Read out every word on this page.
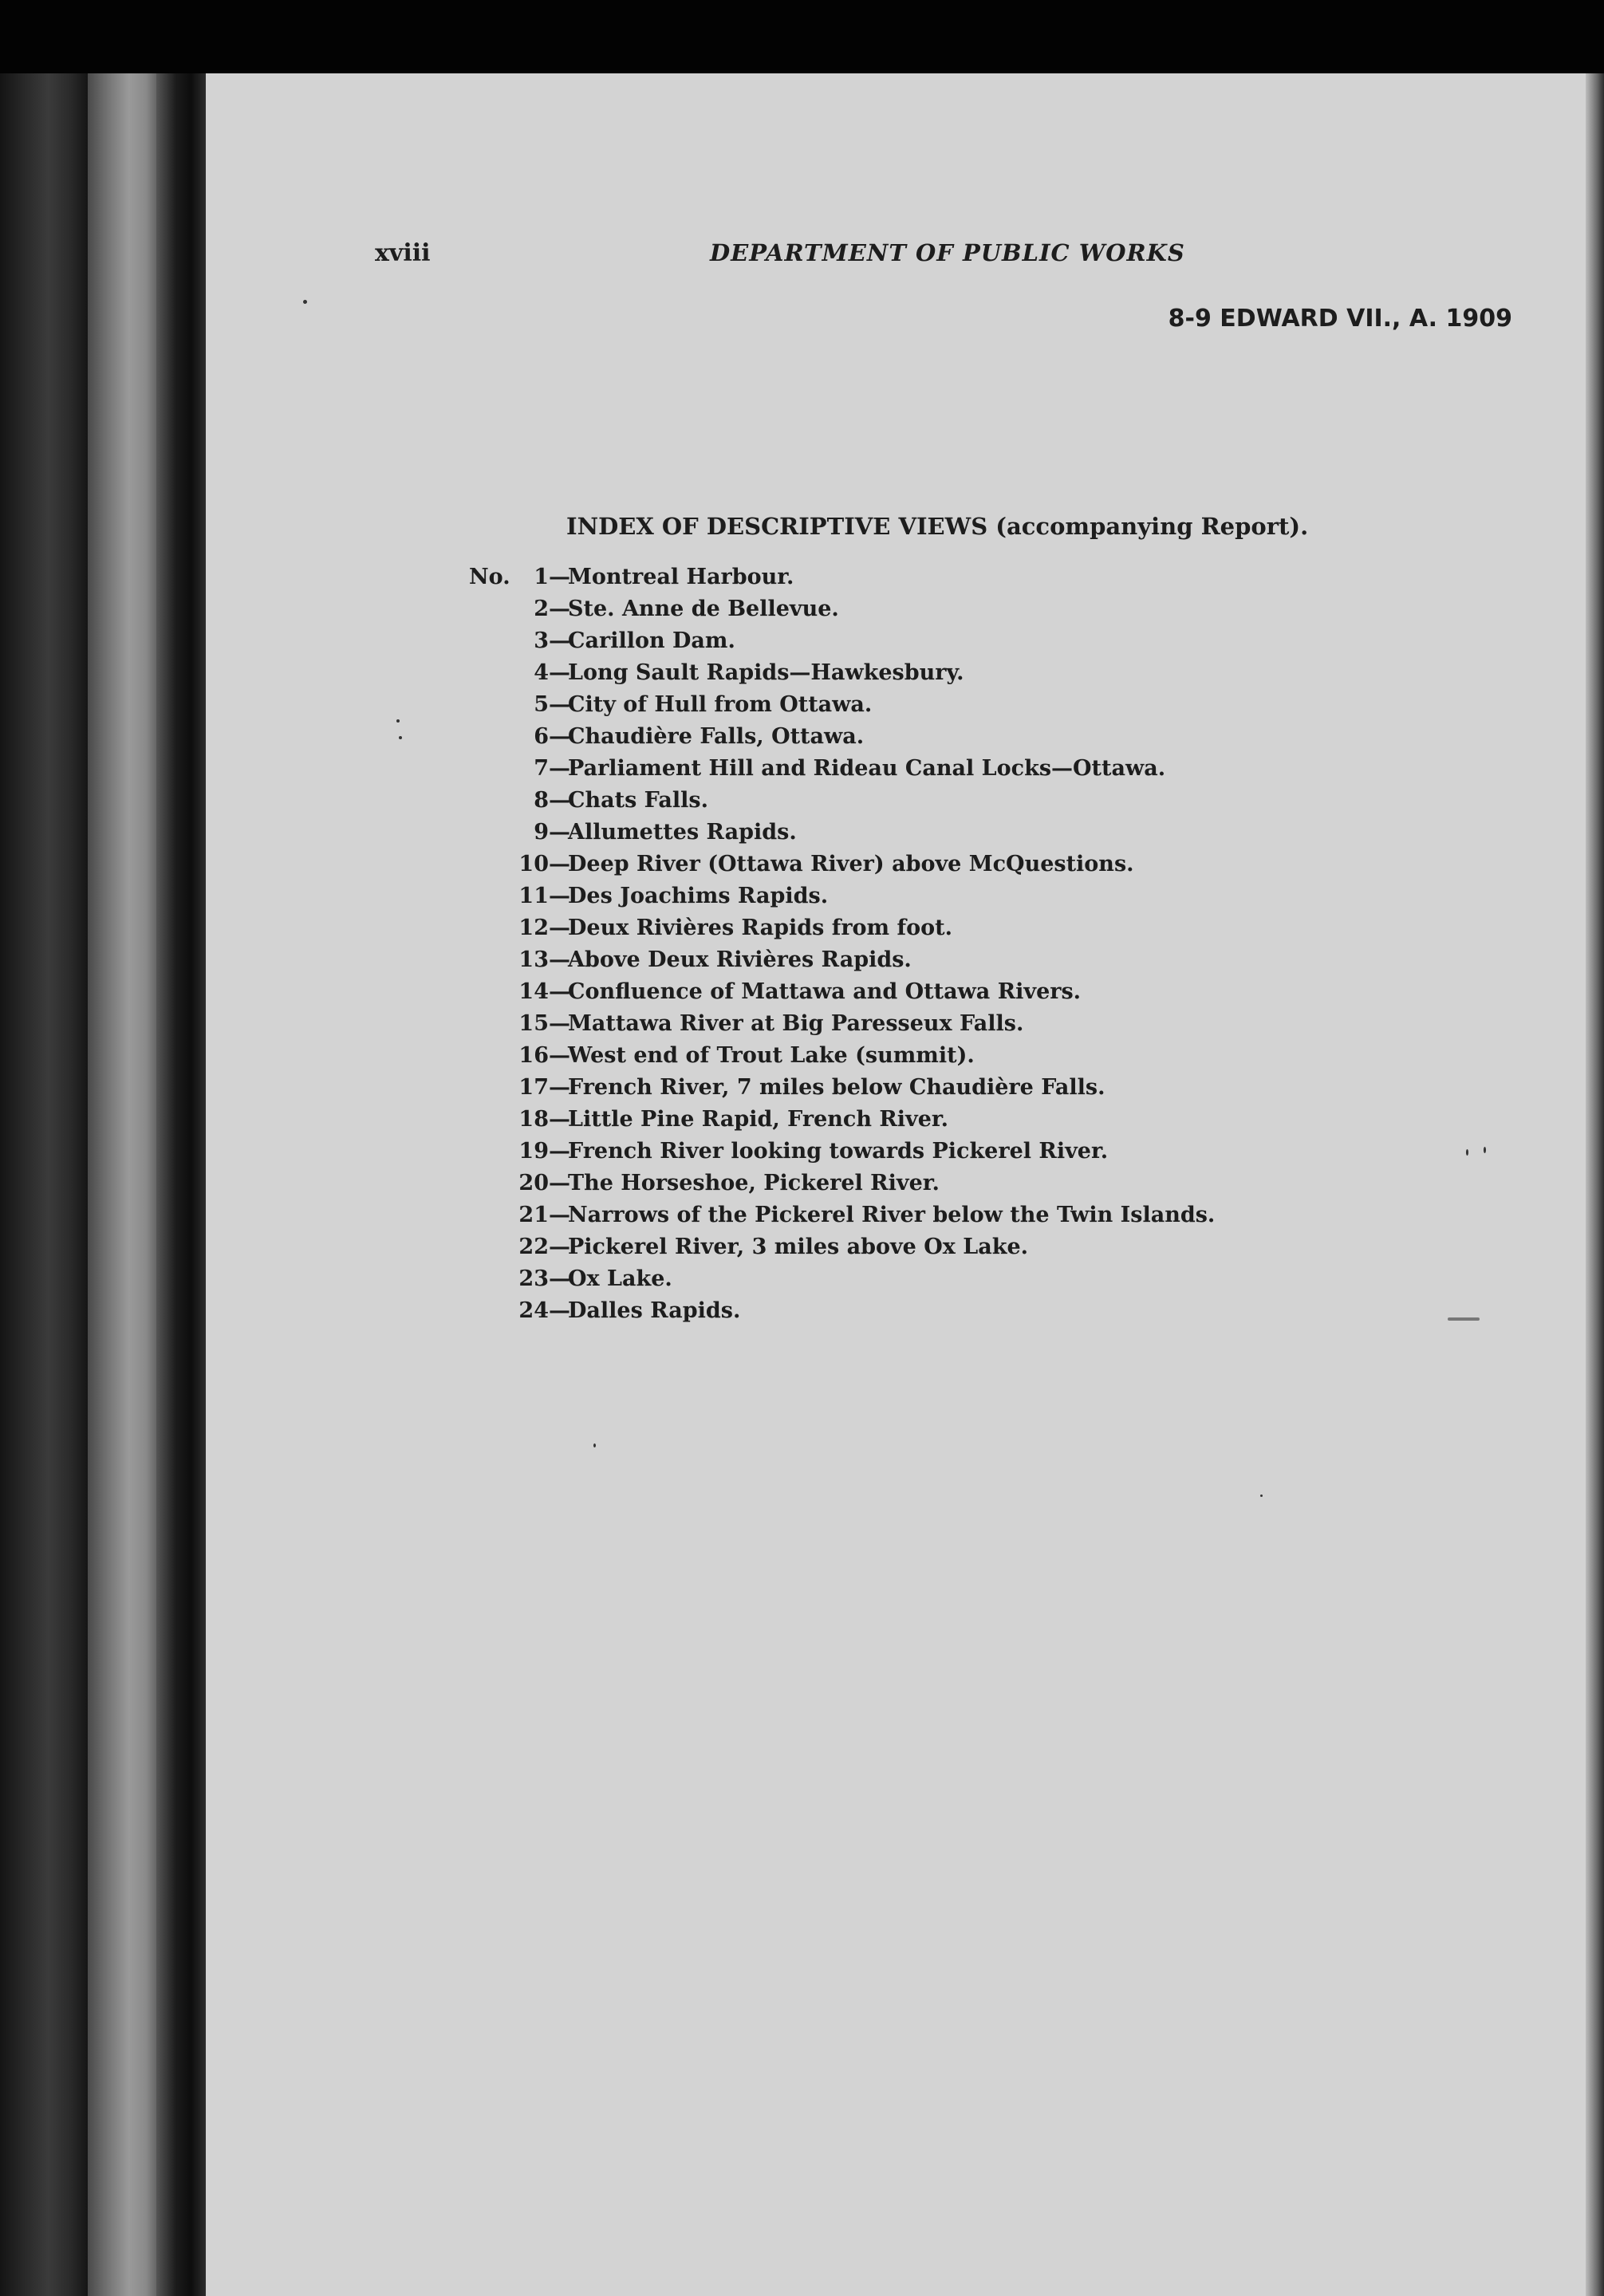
xviii	DEPARTMENT OF PUBLIC WORKS

8-9 EDWARD VII., A. 1909

INDEX OF DESCRIPTIVE VIEWS (accompanying Report).

No.	1 —
Montreal Harbour.
2 —
Ste. Anne de Bellevue.
3 —
Carillon Dam.
4 —
Long Sault Rapids—Hawkesbury.
5 —
City of Hull from Ottawa.
6 —
Chaudière Falls, Ottawa.
7 —
Parliament Hill and Rideau Canal Locks—Ottawa.
8 —
Chats Falls.
9 —
Allumettes Rapids.
10 —
Deep River (Ottawa River) above McQuestions.
11 —
Des Joachims Rapids.
12 —
Deux Rivières Rapids from foot.
13 —
Above Deux Rivières Rapids.
14 —
Confluence of Mattawa and Ottawa Rivers.
15 —
Mattawa River at Big Paresseux Falls.
16 —
West end of Trout Lake (summit).
17 —
French River, 7 miles below Chaudière Falls.
18 —
Little Pine Rapid, French River.
19 —
French River looking towards Pickerel River.
20 —
The Horseshoe, Pickerel River.
21 —
Narrows of the Pickerel River below the Twin Islands.
22 —
Pickerel River, 3 miles above Ox Lake.
23 —
Ox Lake.
24 —
Dalles Rapids.
